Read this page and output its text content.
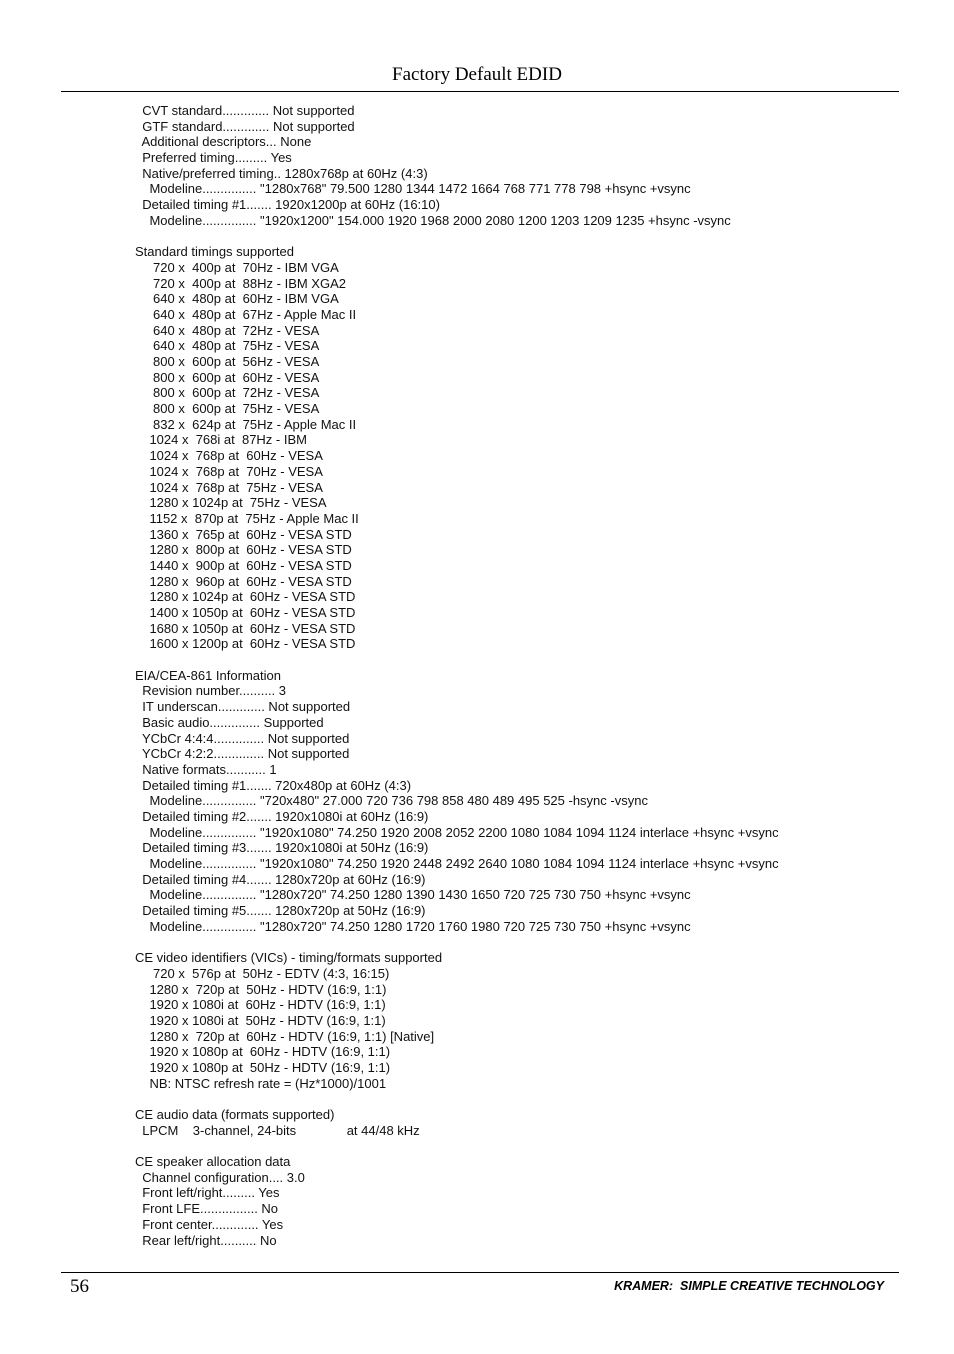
Factory Default EDID
CVT standard............. Not supported
GTF standard............. Not supported
Additional descriptors... None
Preferred timing......... Yes
Native/preferred timing.. 1280x768p at 60Hz (4:3)
Modeline............... "1280x768" 79.500 1280 1344 1472 1664 768 771 778 798 +hsync +vsync
Detailed timing #1....... 1920x1200p at 60Hz (16:10)
Modeline............... "1920x1200" 154.000 1920 1968 2000 2080 1200 1203 1209 1235 +hsync -vsync
Standard timings supported
720 x  400p at  70Hz - IBM VGA
720 x  400p at  88Hz - IBM XGA2
640 x  480p at  60Hz - IBM VGA
640 x  480p at  67Hz - Apple Mac II
640 x  480p at  72Hz - VESA
640 x  480p at  75Hz - VESA
800 x  600p at  56Hz - VESA
800 x  600p at  60Hz - VESA
800 x  600p at  72Hz - VESA
800 x  600p at  75Hz - VESA
832 x  624p at  75Hz - Apple Mac II
1024 x  768i at  87Hz - IBM
1024 x  768p at  60Hz - VESA
1024 x  768p at  70Hz - VESA
1024 x  768p at  75Hz - VESA
1280 x 1024p at  75Hz - VESA
1152 x  870p at  75Hz - Apple Mac II
1360 x  765p at  60Hz - VESA STD
1280 x  800p at  60Hz - VESA STD
1440 x  900p at  60Hz - VESA STD
1280 x  960p at  60Hz - VESA STD
1280 x 1024p at  60Hz - VESA STD
1400 x 1050p at  60Hz - VESA STD
1680 x 1050p at  60Hz - VESA STD
1600 x 1200p at  60Hz - VESA STD
EIA/CEA-861 Information
Revision number.......... 3
IT underscan............. Not supported
Basic audio.............. Supported
YCbCr 4:4:4.............. Not supported
YCbCr 4:2:2.............. Not supported
Native formats........... 1
Detailed timing #1....... 720x480p at 60Hz (4:3)
Modeline............... "720x480" 27.000 720 736 798 858 480 489 495 525 -hsync -vsync
Detailed timing #2....... 1920x1080i at 60Hz (16:9)
Modeline............... "1920x1080" 74.250 1920 2008 2052 2200 1080 1084 1094 1124 interlace +hsync +vsync
Detailed timing #3....... 1920x1080i at 50Hz (16:9)
Modeline............... "1920x1080" 74.250 1920 2448 2492 2640 1080 1084 1094 1124 interlace +hsync +vsync
Detailed timing #4....... 1280x720p at 60Hz (16:9)
Modeline............... "1280x720" 74.250 1280 1390 1430 1650 720 725 730 750 +hsync +vsync
Detailed timing #5....... 1280x720p at 50Hz (16:9)
Modeline............... "1280x720" 74.250 1280 1720 1760 1980 720 725 730 750 +hsync +vsync
CE video identifiers (VICs) - timing/formats supported
720 x  576p at  50Hz - EDTV (4:3, 16:15)
1280 x  720p at  50Hz - HDTV (16:9, 1:1)
1920 x 1080i at  60Hz - HDTV (16:9, 1:1)
1920 x 1080i at  50Hz - HDTV (16:9, 1:1)
1280 x  720p at  60Hz - HDTV (16:9, 1:1) [Native]
1920 x 1080p at  60Hz - HDTV (16:9, 1:1)
1920 x 1080p at  50Hz - HDTV (16:9, 1:1)
NB: NTSC refresh rate = (Hz*1000)/1001
CE audio data (formats supported)
LPCM    3-channel, 24-bits              at 44/48 kHz
CE speaker allocation data
Channel configuration.... 3.0
Front left/right......... Yes
Front LFE................ No
Front center............. Yes
Rear left/right.......... No
56	KRAMER:  SIMPLE CREATIVE TECHNOLOGY
